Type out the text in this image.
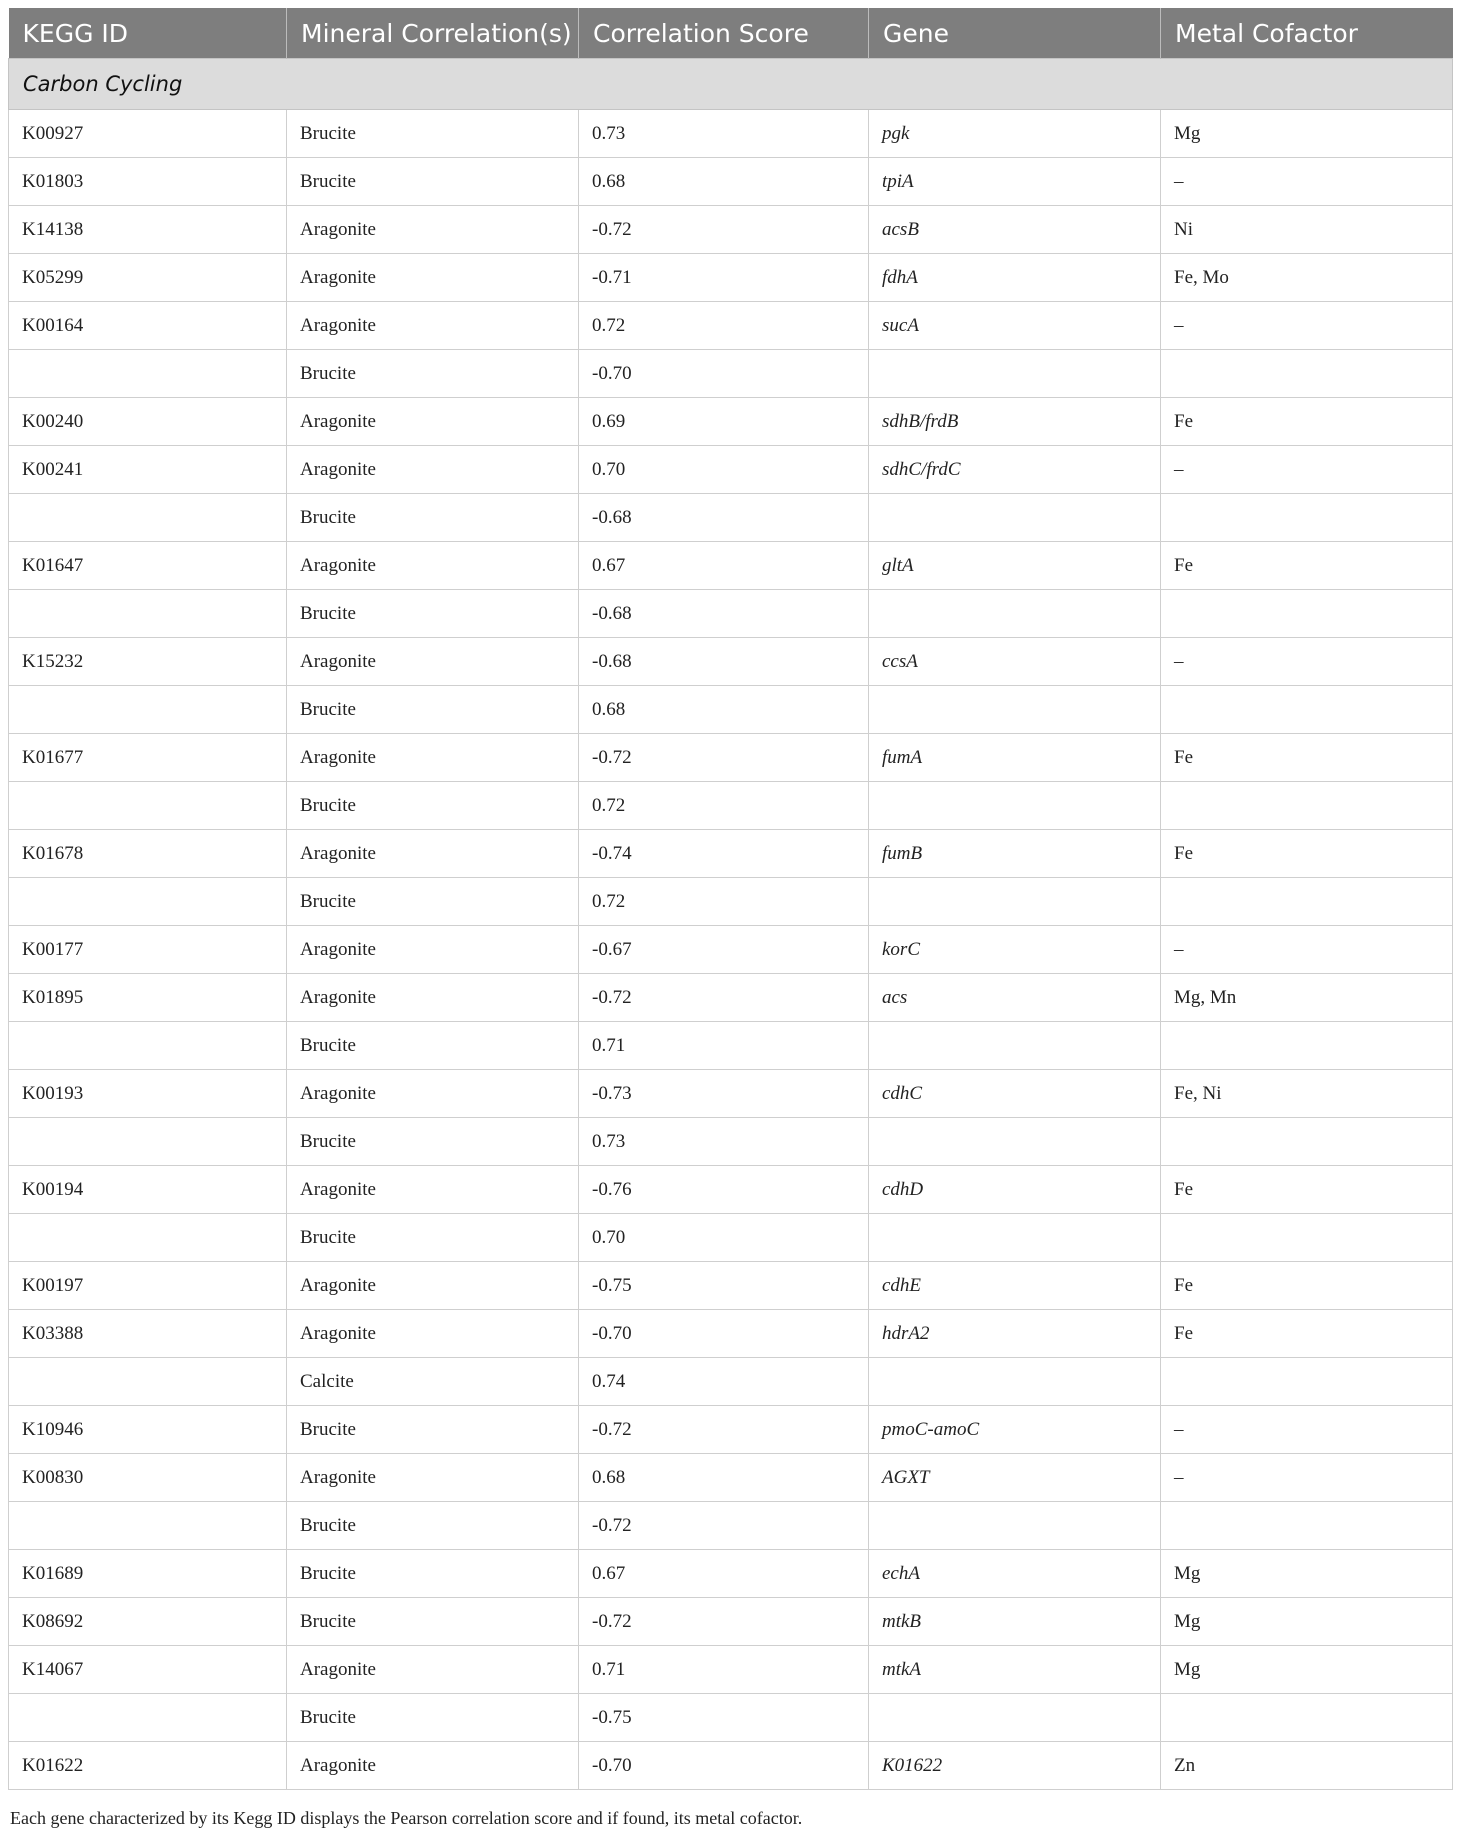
KEGG ID	Mineral Correlation(s)	Correlation Score	Gene	Metal Cofactor
Carbon Cycling				
K00927	Brucite	0.73	pgk	Mg
K01803	Brucite	0.68	tpiA	–
K14138	Aragonite	-0.72	acsB	Ni
K05299	Aragonite	-0.71	fdhA	Fe, Mo
K00164	Aragonite	0.72	sucA	–
	Brucite	-0.70		
K00240	Aragonite	0.69	sdhB/frdB	Fe
K00241	Aragonite	0.70	sdhC/frdC	–
	Brucite	-0.68		
K01647	Aragonite	0.67	gltA	Fe
	Brucite	-0.68		
K15232	Aragonite	-0.68	ccsA	–
	Brucite	0.68		
K01677	Aragonite	-0.72	fumA	Fe
	Brucite	0.72		
K01678	Aragonite	-0.74	fumB	Fe
	Brucite	0.72		
K00177	Aragonite	-0.67	korC	–
K01895	Aragonite	-0.72	acs	Mg, Mn
	Brucite	0.71		
K00193	Aragonite	-0.73	cdhC	Fe, Ni
	Brucite	0.73		
K00194	Aragonite	-0.76	cdhD	Fe
	Brucite	0.70		
K00197	Aragonite	-0.75	cdhE	Fe
K03388	Aragonite	-0.70	hdrA2	Fe
	Calcite	0.74		
K10946	Brucite	-0.72	pmoC-amoC	–
K00830	Aragonite	0.68	AGXT	–
	Brucite	-0.72		
K01689	Brucite	0.67	echA	Mg
K08692	Brucite	-0.72	mtkB	Mg
K14067	Aragonite	0.71	mtkA	Mg
	Brucite	-0.75		
K01622	Aragonite	-0.70	K01622	Zn
Each gene characterized by its Kegg ID displays the Pearson correlation score and if found, its metal cofactor.
